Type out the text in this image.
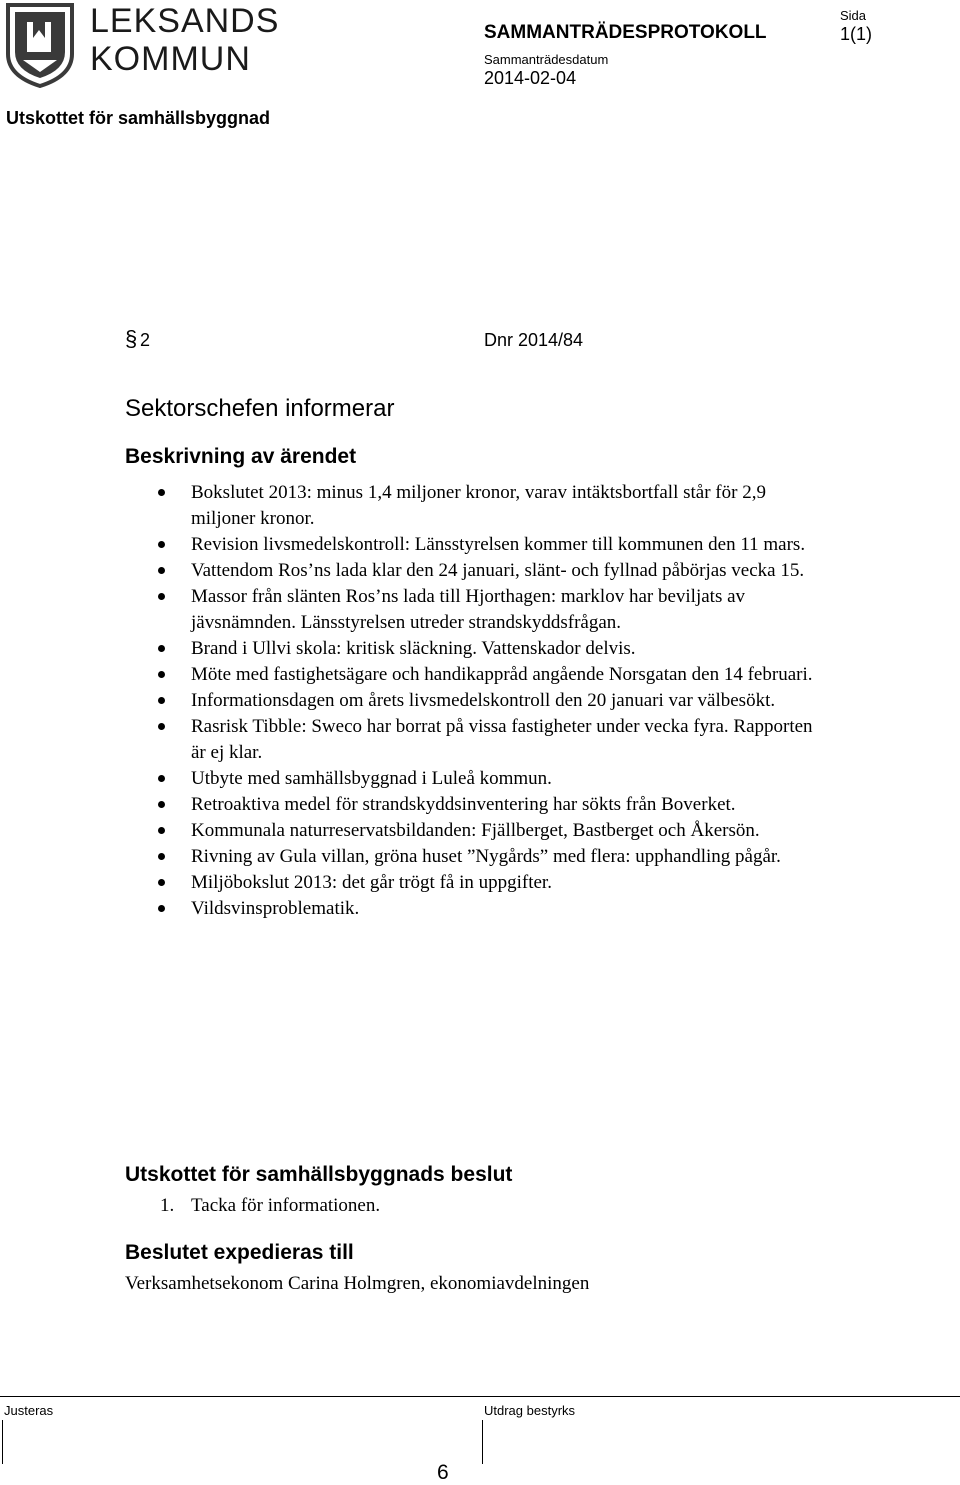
LEKSANDS
KOMMUN
SAMMANTRÄDESPROTOKOLL
Sammanträdesdatum
2014-02-04
Sida
1(1)
Utskottet för samhällsbyggnad
§ 2	Dnr 2014/84
Sektorschefen informerar
Beskrivning av ärendet
Bokslutet 2013: minus 1,4 miljoner kronor, varav intäktsbortfall står för 2,9 miljoner kronor.
Revision livsmedelskontroll: Länsstyrelsen kommer till kommunen den 11 mars.
Vattendom Ros’ns lada klar den 24 januari, slänt- och fyllnad påbörjas vecka 15.
Massor från slänten Ros’ns lada till Hjorthagen: marklov har beviljats av jävsnämnden. Länsstyrelsen utreder strandskyddsfrågan.
Brand i Ullvi skola: kritisk släckning. Vattenskador delvis.
Möte med fastighetsägare och handikappråd angående Norsgatan den 14 februari.
Informationsdagen om årets livsmedelskontroll den 20 januari var välbesökt.
Rasrisk Tibble: Sweco har borrat på vissa fastigheter under vecka fyra. Rapporten är ej klar.
Utbyte med samhällsbyggnad i Luleå kommun.
Retroaktiva medel för strandskyddsinventering har sökts från Boverket.
Kommunala naturreservatsbildanden: Fjällberget, Bastberget och Åkersön.
Rivning av Gula villan, gröna huset ”Nygårds” med flera: upphandling pågår.
Miljöbokslut 2013: det går trögt få in uppgifter.
Vildsvinsproblematik.
Utskottet för samhällsbyggnads beslut
1. Tacka för informationen.
Beslutet expedieras till
Verksamhetsekonom Carina Holmgren, ekonomiavdelningen
Justeras	Utdrag bestyrks
6
